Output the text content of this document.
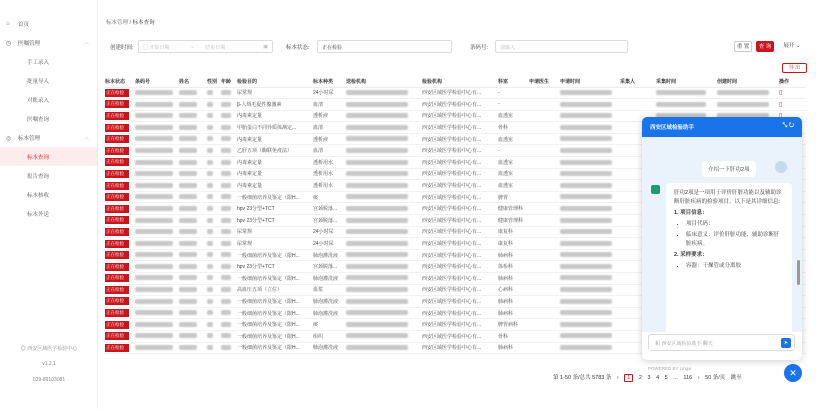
⌂	首页
◷ 医嘱管理	︿
手工录入
批量导入
对账录入
医嘱查询
◎ 标本管理	︿
标本查询
报告查询
标本核收
标本外送
◎ 西安区域医学检验中心
v1.2.1
029-89103081
标本管理 / 标本查询
创建时间:	▢ 开始日期	~ 结束日期	▣	标本状态:	正在检验	条码号:	请输入	重 置	查 询	展开 ⌄
导 出
标本状态	条码号	姓名	性别	年龄	检验目的	标本种类	送检机构	检验机构	科室	申请医生	申请时间	采集人	采集时间	创建时间	操作
正在检验					尿常规	24小时尿		西安区域医学检验中心有...	-						▯
正在检验					β-人绒毛促性腺激素	血清		西安区域医学检验中心有...	-						▯
正在检验					内毒素定量	透析液		西安区域医学检验中心有...	血透室						
正在检验					甲胎蛋白不同异质体测定...	血清		西安区域医学检验中心有...	骨科						
正在检验					内毒素定量	透析液		西安区域医学检验中心有...	血透室						
正在检验					乙肝五项（酶联免疫法）	血清		西安区域医学检验中心有...	-						
正在检验					内毒素定量	透析用水		西安区域医学检验中心有...	血透室						
正在检验					内毒素定量	透析用水		西安区域医学检验中心有...	血透室						
正在检验					内毒素定量	透析用水		西安区域医学检验中心有...	血透室						
正在检验					一般细菌培养及鉴定（限H...	痰		西安区域医学检验中心有...	脾胃						
正在检验					hpv 23分型+TCT	宫颈脱落...		西安区域医学检验中心有...	健康管理科						
正在检验					hpv 23分型+TCT	宫颈脱落...		西安区域医学检验中心有...	健康管理科						
正在检验					尿常规	24小时尿		西安区域医学检验中心有...	康复科						
正在检验					尿常规	24小时尿		西安区域医学检验中心有...	康复科						
正在检验					一般细菌培养及鉴定（限H...	肺泡灌洗液		西安区域医学检验中心有...	肺病科						
正在检验					hpv 23分型+TCT	宫颈脱落...		西安区域医学检验中心有...	体检科						
正在检验					一般细菌培养及鉴定（限H...	肺泡灌洗液		西安区域医学检验中心有...	肺病科						
正在检验					高血压五项（立位）	血浆		西安区域医学检验中心有...	心病科						
正在检验					一般细菌培养及鉴定（限H...	肺泡灌洗液		西安区域医学检验中心有...	肺病科						
正在检验					一般细菌培养及鉴定（限H...	肺泡灌洗液		西安区域医学检验中心有...	肺病科						
正在检验					一般细菌培养及鉴定（限H...	痰		西安区域医学检验中心有...	脾胃病科						
正在检验					一般细菌培养及鉴定（限H...	组织		西安区域医学检验中心有...	骨科						
正在检验					一般细菌培养及鉴定（限H...	肺泡灌洗液		西安区域医学检验中心有...	肺病科						
第 1-50 条/总共 5783 条 ‹ 1 2 3 4 5 ... 116 › 50 条/页 跳至
西安区域检验助手	⤡ ↻
介绍一下肝功2项
肝功2项是一项用于评价肝脏功能以及辅助诊断肝脏疾病的检验项目。以下是其详细信息：
1. 项目信息：
• 项目代码：
• 临床意义：评价肝脏功能、辅助诊断肝脏疾病。
2. 采样要求：
• 容器：干燥管或分离胶
和 西安区域检验助手 聊天	➤
POWERED BY Lingxi	✕
